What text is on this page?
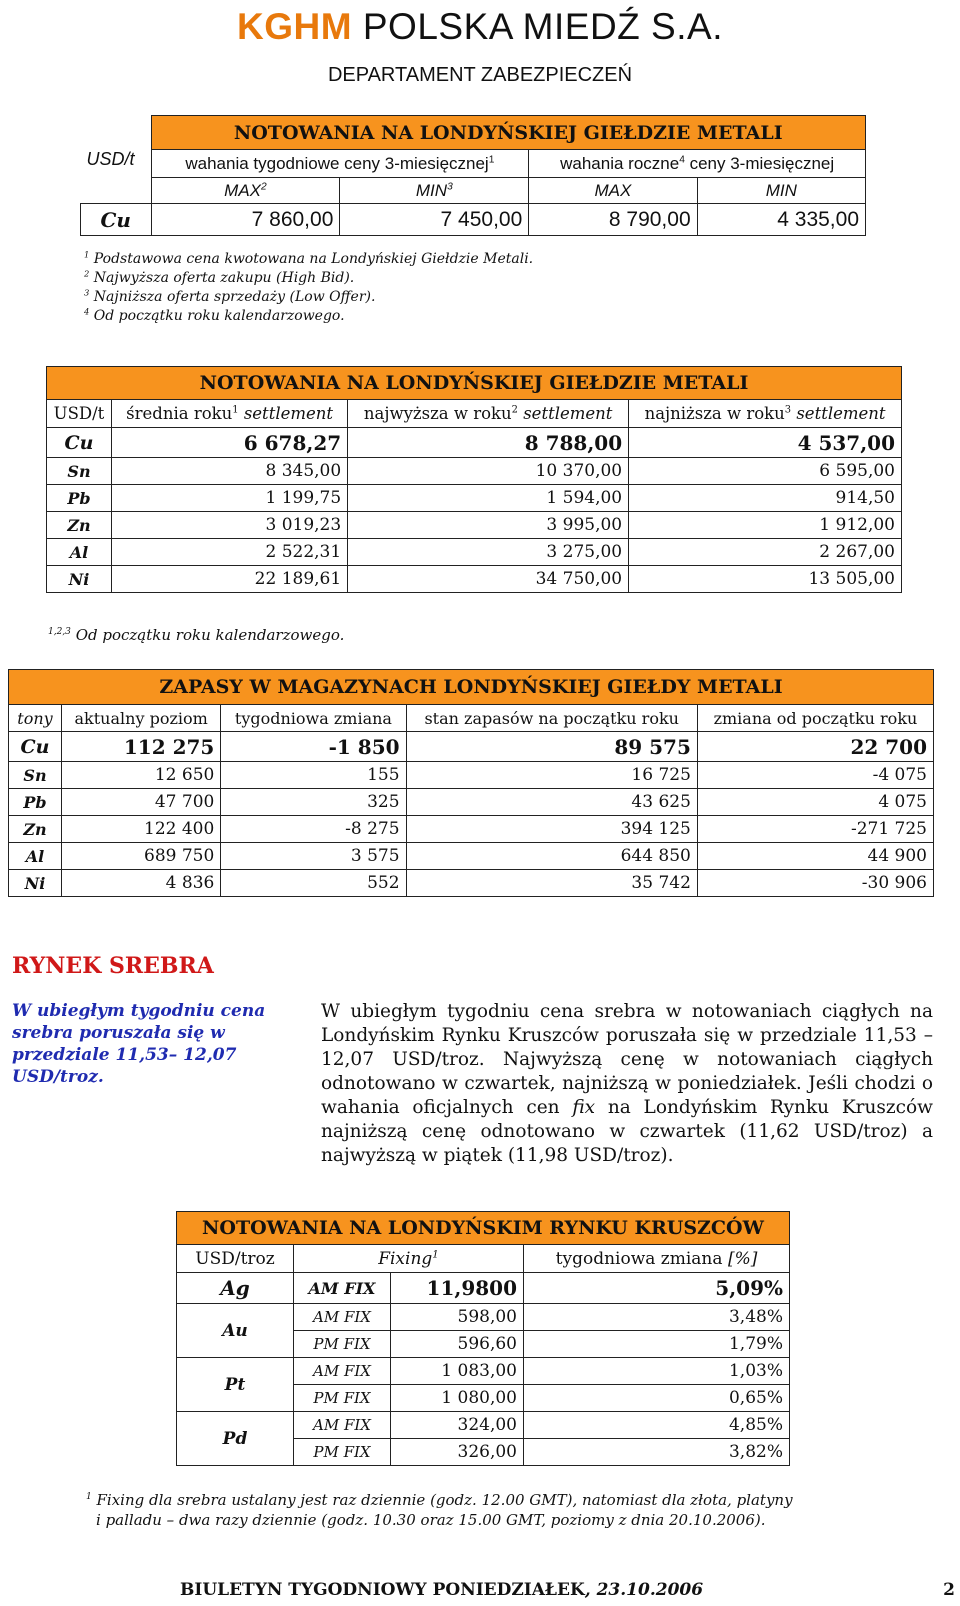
KGHM POLSKA MIEDŹ S.A.
DEPARTAMENT ZABEZPIECZEŃ
USD/t	NOTOWANIA NA LONDYŃSKIEJ GIEŁDZIE METALI			
	wahania tygodniowe ceny 3-miesięcznej$^1$		wahania roczne$^4$ ceny 3-miesięcznej	
	MAX$^2$	MIN$^3$	MAX	MIN
Cu	7 860,00	7 450,00	8 790,00	4 335,00
$^1$ Podstawowa cena kwotowana na Londyńskiej Giełdzie Metali.
$^2$ Najwyższa oferta zakupu (High Bid).
$^3$ Najniższa oferta sprzedaży (Low Offer).
$^4$ Od początku roku kalendarzowego.
NOTOWANIA NA LONDYŃSKIEJ GIEŁDZIE METALI			
USD/t	średnia roku$^1$ settlement	najwyższa w roku$^2$ settlement	najniższa w roku$^3$ settlement
Cu	6 678,27	8 788,00	4 537,00
Sn	8 345,00	10 370,00	6 595,00
Pb	1 199,75	1 594,00	914,50
Zn	3 019,23	3 995,00	1 912,00
Al	2 522,31	3 275,00	2 267,00
Ni	22 189,61	34 750,00	13 505,00
$^{1,2,3}$ Od początku roku kalendarzowego.
ZAPASY W MAGAZYNACH LONDYŃSKIEJ GIEŁDY METALI				
tony	aktualny poziom	tygodniowa zmiana	stan zapasów na początku roku	zmiana od początku roku
Cu	112 275	-1 850	89 575	22 700
Sn	12 650	155	16 725	-4 075
Pb	47 700	325	43 625	4 075
Zn	122 400	-8 275	394 125	-271 725
Al	689 750	3 575	644 850	44 900
Ni	4 836	552	35 742	-30 906
RYNEK SREBRA
W ubiegłym tygodniu cena srebra poruszała się w przedziale 11,53– 12,07 USD/troz.
W ubiegłym tygodniu cena srebra w notowaniach ciągłych na Londyńskim Rynku Kruszców poruszała się w przedziale 11,53 – 12,07 USD/troz. Najwyższą cenę w notowaniach ciągłych odnotowano w czwartek, najniższą w poniedziałek. Jeśli chodzi o wahania oficjalnych cen fix na Londyńskim Rynku Kruszców najniższą cenę odnotowano w czwartek (11,62 USD/troz) a najwyższą w piątek (11,98 USD/troz).
NOTOWANIA NA LONDYŃSKIM RYNKU KRUSZCÓW			
USD/troz	Fixing$^1$		tygodniowa zmiana [%]
Ag	AM FIX	11,9800	5,09%
Au	AM FIX	598,00	3,48%
	PM FIX	596,60	1,79%
Pt	AM FIX	1 083,00	1,03%
	PM FIX	1 080,00	0,65%
Pd	AM FIX	324,00	4,85%
	PM FIX	326,00	3,82%
$^1$ Fixing dla srebra ustalany jest raz dziennie (godz. 12.00 GMT), natomiast dla złota, platyny
i palladu – dwa razy dziennie (godz. 10.30 oraz 15.00 GMT, poziomy z dnia 20.10.2006).
BIULETYN TYGODNIOWY PONIEDZIAŁEK, 23.10.2006	2
